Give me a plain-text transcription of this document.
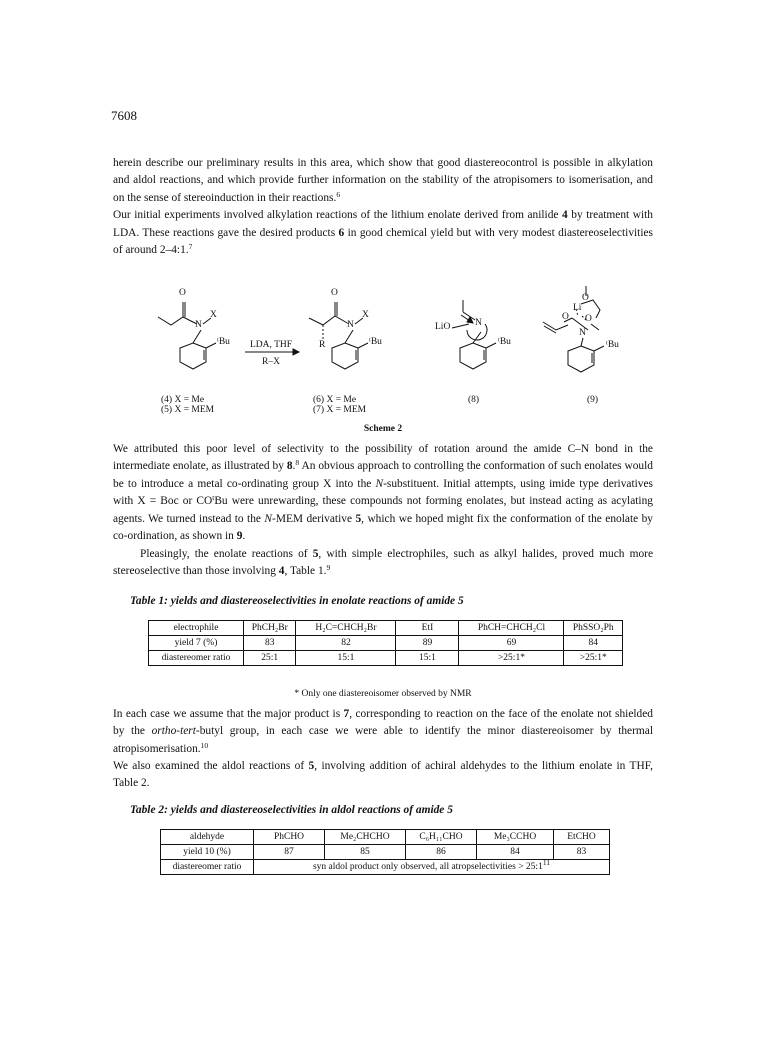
7608

herein describe our preliminary results in this area, which show that good diastereocontrol is possible in alkylation and aldol reactions, and which provide further information on the stability of the atropisomers to isomerisation, and on the sense of stereoinduction in their reactions.$^6$
Our initial experiments involved alkylation reactions of the lithium enolate derived from anilide 4 by treatment with LDA. These reactions gave the desired products 6 in good chemical yield but with very modest diastereoselectivities of around 2–4:1.$^7$

O
N
X
ᵗBu LDA, THF
R–X
O
N
X
R	ᵗBu
LiO	N
ᵗBu
O
Li
O O
N
ᵗBu
(4) X = Me
(5) X = MEM
(6) X = Me
(7) X = MEM
(8)	(9)
Scheme 2

We attributed this poor level of selectivity to the possibility of rotation around the amide C–N bond in the intermediate enolate, as illustrated by 8.$^8$ An obvious approach to controlling the conformation of such enolates would be to introduce a metal co-ordinating group X into the N-substituent. Initial attempts, using imide type derivatives with X = Boc or $CO^tBu$ were unrewarding, these compounds not forming enolates, but instead acting as acylating agents. We turned instead to the N-MEM derivative 5, which we hoped might fix the conformation of the enolate by co-ordination, as shown in 9.

Pleasingly, the enolate reactions of 5, with simple electrophiles, such as alkyl halides, proved much more stereoselective than those involving 4, Table 1.$^9$

Table 1: yields and diastereoselectivities in enolate reactions of amide 5
electrophile	PhCH₂Br	H₂C=CHCH₂Br	EtI	PhCH=CHCH₂Cl	PhSSO₂Ph
yield 7 (%)	83	82	89	69	84
diastereomer ratio	25:1	15:1	15:1	>25:1*	>25:1*
* Only one diastereoisomer observed by NMR

In each case we assume that the major product is 7, corresponding to reaction on the face of the enolate not shielded by the ortho-tert-butyl group, in each case we were able to identify the minor diastereoisomer by thermal atropisomerisation.$^{10}$

We also examined the aldol reactions of 5, involving addition of achiral aldehydes to the lithium enolate in THF, Table 2.

Table 2: yields and diastereoselectivities in aldol reactions of amide 5
aldehyde	PhCHO	Me₂CHCHO	C₆H₁₁CHO	Me₃CCHO	EtCHO
yield 10 (%)	87	85	86	84	83
diastereomer ratio	syn aldol product only observed, all atropselectivities > $25:1^{11}$
